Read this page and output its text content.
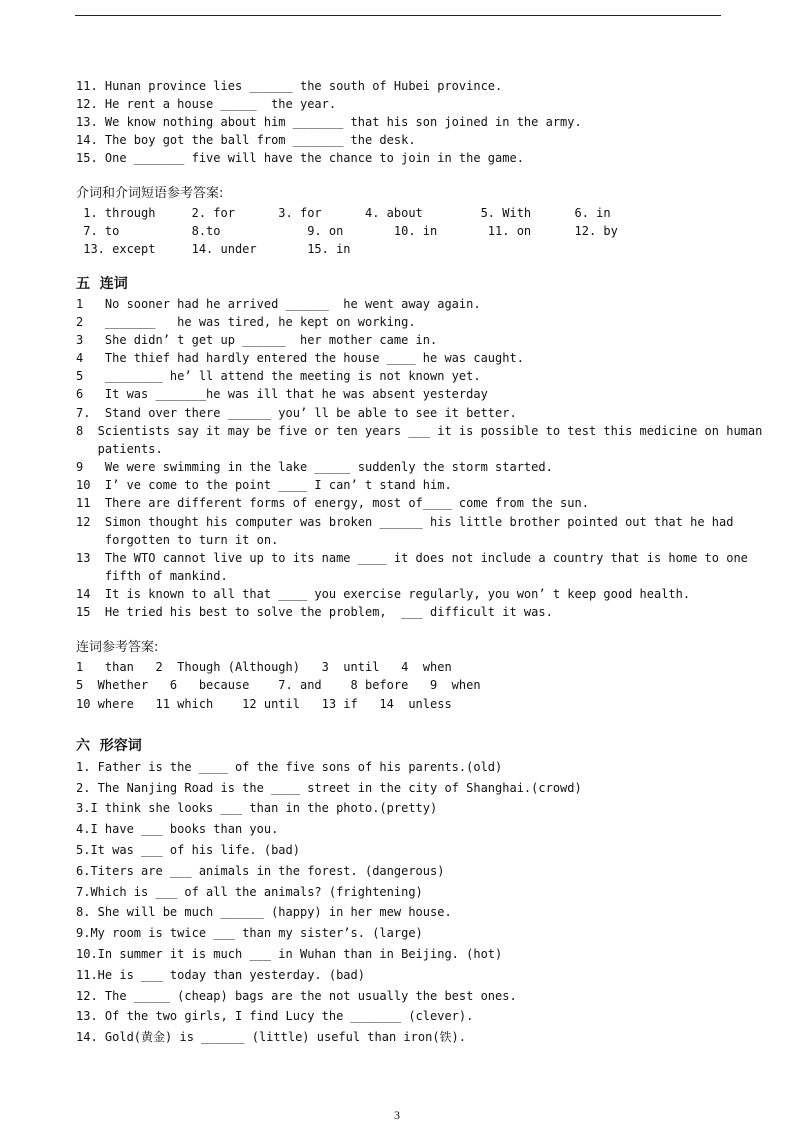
11. Hunan province lies ______ the south of Hubei province.
12. He rent a house _____  the year.
13. We know nothing about him _______ that his son joined in the army.
14. The boy got the ball from _______ the desk.
15. One _______ five will have the chance to join in the game.
介词和介词短语参考答案:
1. through     2. for      3. for      4. about        5. With      6. in
7. to          8.to            9. on       10. in       11. on      12. by
13. except     14. under       15. in
五  连词
1   No sooner had he arrived ______  he went away again.
2   _______   he was tired, he kept on working.
3   She didn’ t get up ______  her mother came in.
4   The thief had hardly entered the house ____ he was caught.
5   ________ he’ ll attend the meeting is not known yet.
6   It was _______he was ill that he was absent yesterday
7.  Stand over there ______ you’ ll be able to see it better.
8  Scientists say it may be five or ten years ___ it is possible to test this medicine on human
patients.
9   We were swimming in the lake _____ suddenly the storm started.
10  I’ ve come to the point ____ I can’ t stand him.
11  There are different forms of energy, most of____ come from the sun.
12  Simon thought his computer was broken ______ his little brother pointed out that he had
forgotten to turn it on.
13  The WTO cannot live up to its name ____ it does not include a country that is home to one
fifth of mankind.
14  It is known to all that ____ you exercise regularly, you won’ t keep good health.
15  He tried his best to solve the problem,  ___ difficult it was.
连词参考答案:
1   than   2  Though (Although)   3  until   4  when
5  Whether   6   because    7. and    8 before   9  when
10 where   11 which    12 until   13 if   14  unless
六  形容词
1. Father is the ____ of the five sons of his parents.(old)
2. The Nanjing Road is the ____ street in the city of Shanghai.(crowd)
3.I think she looks ___ than in the photo.(pretty)
4.I have ___ books than you.
5.It was ___ of his life. (bad)
6.Titers are ___ animals in the forest. (dangerous)
7.Which is ___ of all the animals? (frightening)
8. She will be much ______ (happy) in her mew house.
9.My room is twice ___ than my sister’s. (large)
10.In summer it is much ___ in Wuhan than in Beijing. (hot)
11.He is ___ today than yesterday. (bad)
12. The _____ (cheap) bags are the not usually the best ones.
13. Of the two girls, I find Lucy the _______ (clever).
14. Gold(黄金) is ______ (little) useful than iron(铁).
3
